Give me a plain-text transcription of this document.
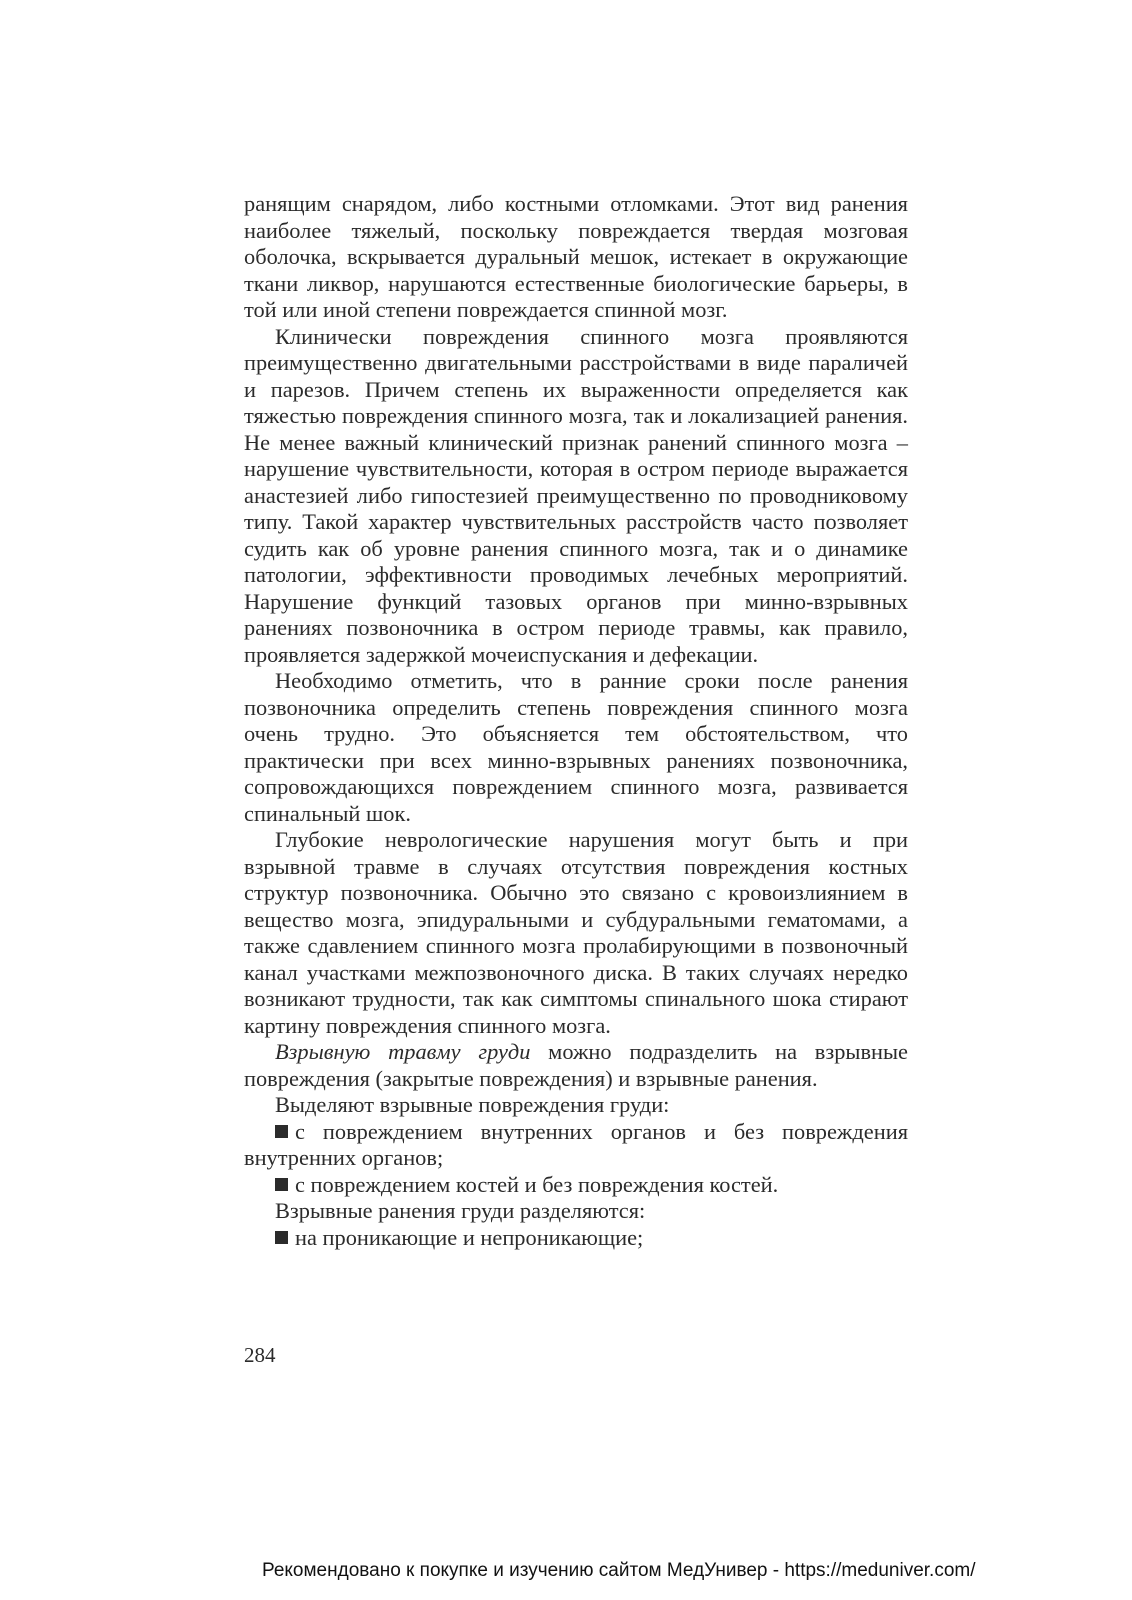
ранящим снарядом, либо костными отломками. Этот вид ранения наиболее тяжелый, поскольку повреждается твердая мозговая оболочка, вскрывается дуральный мешок, истекает в окружающие ткани ликвор, нарушаются естественные биологические барьеры, в той или иной степени повреждается спинной мозг.

Клинически повреждения спинного мозга проявляются преимущественно двигательными расстройствами в виде параличей и парезов. Причем степень их выраженности определяется как тяжестью повреждения спинного мозга, так и локализацией ранения. Не менее важный клинический признак ранений спинного мозга – нарушение чувствительности, которая в остром периоде выражается анастезией либо гипостезией преимущественно по проводниковому типу. Такой характер чувствительных расстройств часто позволяет судить как об уровне ранения спинного мозга, так и о динамике патологии, эффективности проводимых лечебных мероприятий. Нарушение функций тазовых органов при минно-взрывных ранениях позвоночника в остром периоде травмы, как правило, проявляется задержкой мочеиспускания и дефекации.

Необходимо отметить, что в ранние сроки после ранения позвоночника определить степень повреждения спинного мозга очень трудно. Это объясняется тем обстоятельством, что практически при всех минно-взрывных ранениях позвоночника, сопровождающихся повреждением спинного мозга, развивается спинальный шок.

Глубокие неврологические нарушения могут быть и при взрывной травме в случаях отсутствия повреждения костных структур позвоночника. Обычно это связано с кровоизлиянием в вещество мозга, эпидуральными и субдуральными гематомами, а также сдавлением спинного мозга пролабирующими в позвоночный канал участками межпозвоночного диска. В таких случаях нередко возникают трудности, так как симптомы спинального шока стирают картину повреждения спинного мозга.

Взрывную травму груди можно подразделить на взрывные повреждения (закрытые повреждения) и взрывные ранения.

Выделяют взрывные повреждения груди:

с повреждением внутренних органов и без повреждения внутренних органов;

с повреждением костей и без повреждения костей.

Взрывные ранения груди разделяются:

на проникающие и непроникающие;

284
Рекомендовано к покупке и изучению сайтом МедУнивер - https://meduniver.com/
